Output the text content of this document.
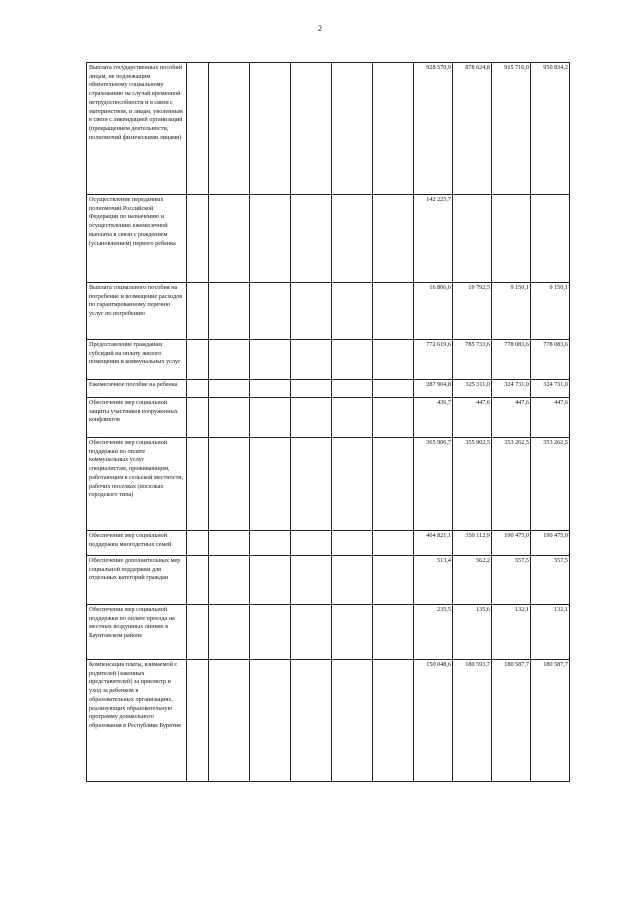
2
Выплата государственных пособий лицам, не подлежащим обязательному социальному страхованию на случай временной нетрудоспособности и в связи с материнством, и лицам, уволенным в связи с ликвидацией организаций (прекращением деятельности, полномочий физическими лицами)							928 570,9	878 624,8	915 716,0	950 834,2
Осуществление переданных полномочий Российской Федерации по назначению и осуществлению ежемесячной выплаты в связи с рождением (усыновлением) первого ребенка							142 225,7			
Выплата социального пособия на погребение и возмещение расходов по гарантированному перечню услуг по погребению							16 806,6	19 792,5	9 150,1	9 150,1
Предоставление гражданам субсидий на оплату жилого помещения и коммунальных услуг							772 619,6	785 733,6	778 083,6	778 083,6
Ежемесячное пособие на ребенка							287 904,8	325 311,0	324 731,0	324 731,0
Обеспечение мер социальной защиты участников вооруженных конфликтов							436,7	447,6	447,6	447,6
Обеспечение мер социальной поддержки по оплате коммунальных услуг специалистам, проживающим, работающим в сельской местности, рабочих поселках (поселках городского типа)							365 906,7	355 902,5	353 262,5	353 262,5
Обеспечение мер социальной поддержки многодетных семей							404 821,1	350 112,9	190 475,0	190 475,0
Обеспечение дополнительных мер социальной поддержки для отдельных категорий граждан							513,4	562,2	557,5	557,5
Обеспечение мер социальной поддержки по оплате проезда на местных воздушных линиях в Баунтовском районе							235,5	135,6	132,1	132,1
Компенсация платы, взимаемой с родителей (законных представителей) за присмотр и уход за ребенком в образовательных организациях, реализующих образовательную программу дошкольного образования в Республике Бурятия							150 048,6	180 593,7	180 587,7	180 587,7
